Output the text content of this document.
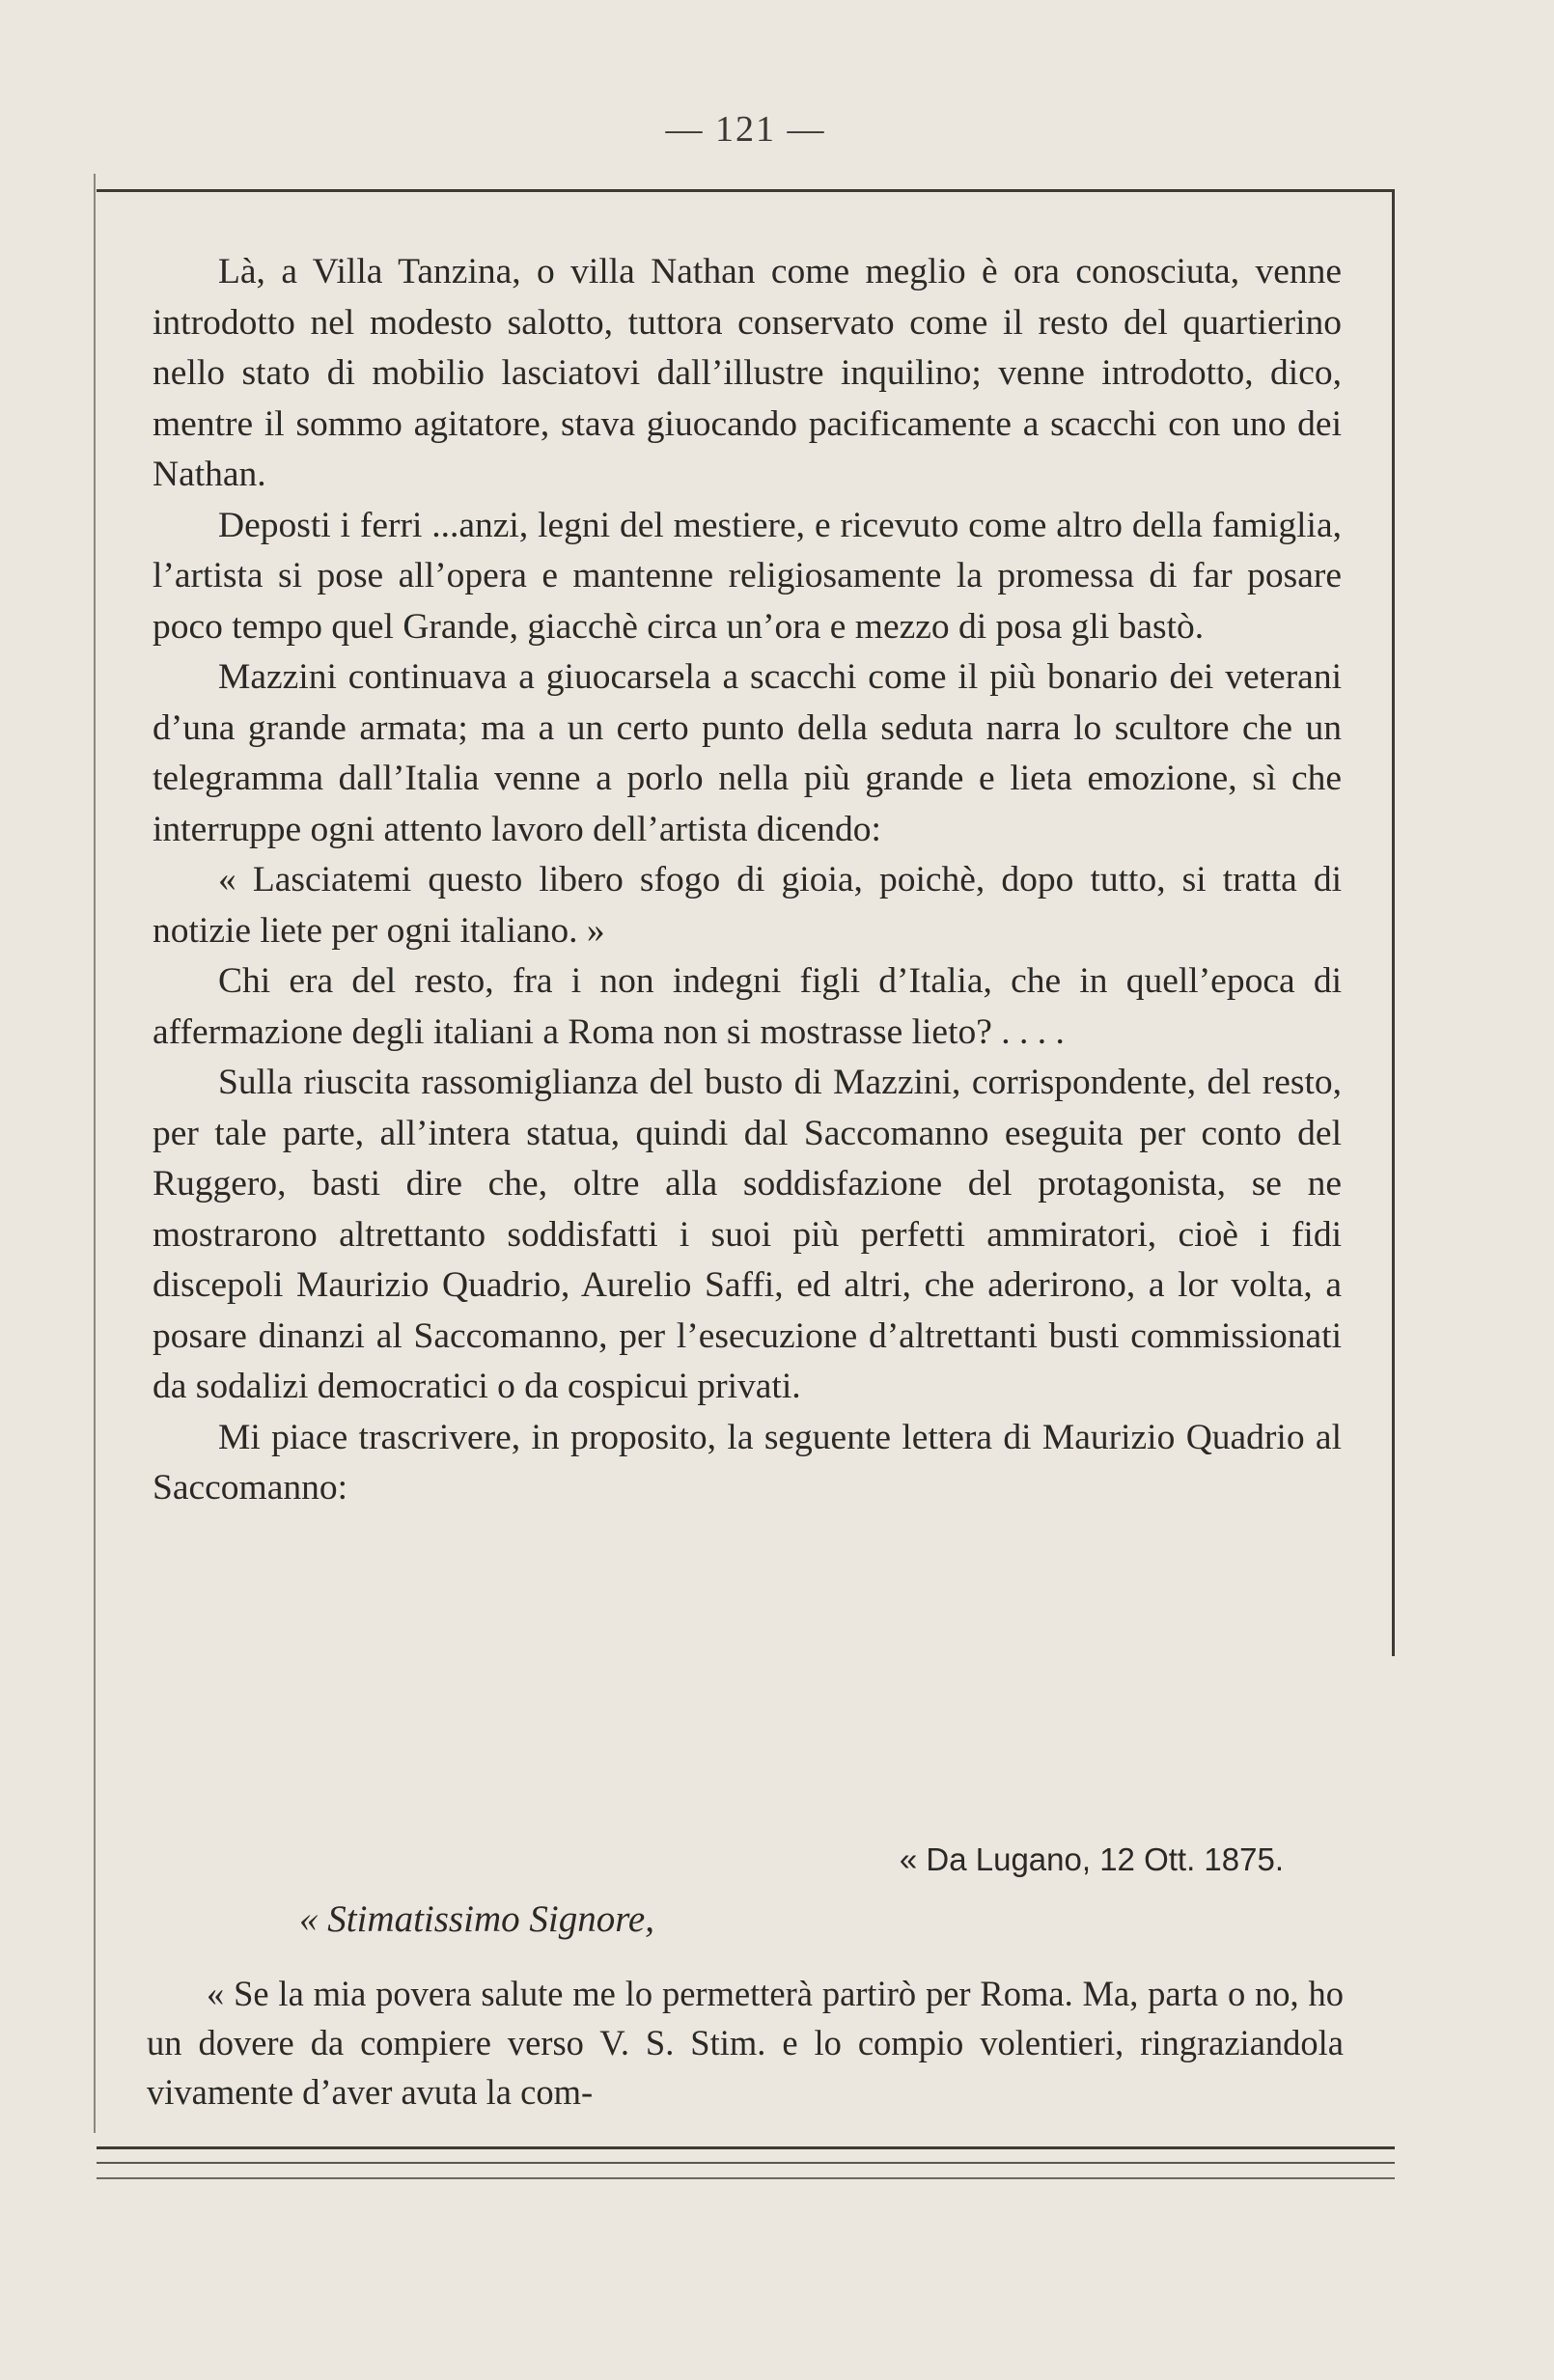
— 121 —

Là, a Villa Tanzina, o villa Nathan come meglio è ora conosciuta, venne introdotto nel modesto salotto, tuttora conservato come il resto del quartierino nello stato di mobilio lasciatovi dall’illustre inquilino; venne introdotto, dico, mentre il sommo agitatore, stava giuocando pacificamente a scacchi con uno dei Nathan.

Deposti i ferri ...anzi, legni del mestiere, e ricevuto come altro della famiglia, l’artista si pose all’opera e mantenne religiosamente la promessa di far posare poco tempo quel Grande, giacchè circa un’ora e mezzo di posa gli bastò.

Mazzini continuava a giuocarsela a scacchi come il più bonario dei veterani d’una grande armata; ma a un certo punto della seduta narra lo scultore che un telegramma dall’Italia venne a porlo nella più grande e lieta emozione, sì che interruppe ogni attento lavoro dell’artista dicendo:

« Lasciatemi questo libero sfogo di gioia, poichè, dopo tutto, si tratta di notizie liete per ogni italiano. »

Chi era del resto, fra i non indegni figli d’Italia, che in quell’epoca di affermazione degli italiani a Roma non si mostrasse lieto? . . . .

Sulla riuscita rassomiglianza del busto di Mazzini, corrispondente, del resto, per tale parte, all’intera statua, quindi dal Saccomanno eseguita per conto del Ruggero, basti dire che, oltre alla soddisfazione del protagonista, se ne mostrarono altrettanto soddisfatti i suoi più perfetti ammiratori, cioè i fidi discepoli Maurizio Quadrio, Aurelio Saffi, ed altri, che aderirono, a lor volta, a posare dinanzi al Saccomanno, per l’esecuzione d’altrettanti busti commissionati da sodalizi democratici o da cospicui privati.

Mi piace trascrivere, in proposito, la seguente lettera di Maurizio Quadrio al Saccomanno:

« Da Lugano, 12 Ott. 1875.
« Stimatissimo Signore,

« Se la mia povera salute me lo permetterà partirò per Roma. Ma, parta o no, ho un dovere da compiere verso V. S. Stim. e lo compio volentieri, ringraziandola vivamente d’aver avuta la com-
